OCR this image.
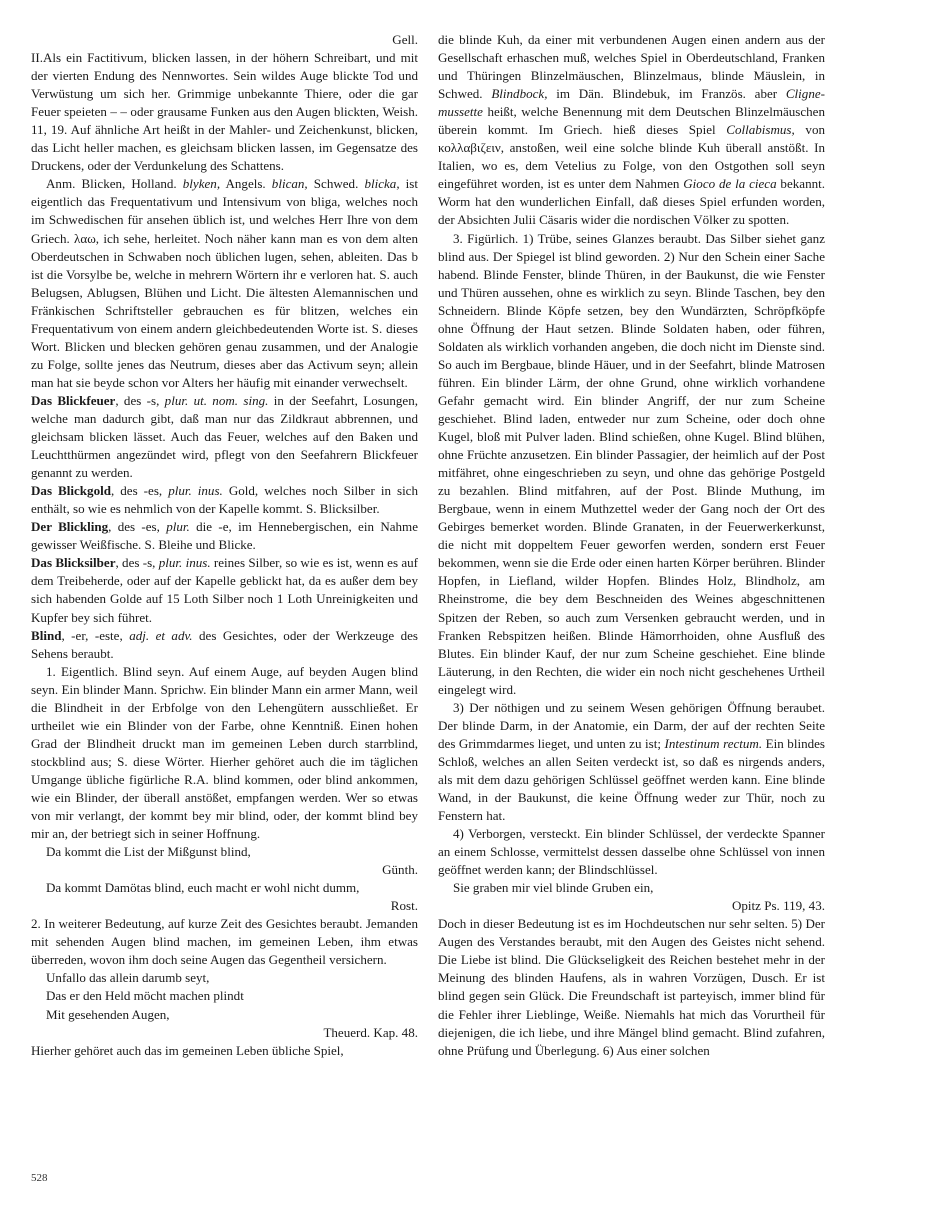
Gell.

II.Als ein Factitivum, blicken lassen, in der höhern Schreibart, und mit der vierten Endung des Nennwortes. Sein wildes Auge blickte Tod und Verwüstung um sich her. Grimmige unbekannte Thiere, oder die gar Feuer speieten – – oder grausame Funken aus den Augen blickten, Weish. 11, 19. Auf ähnliche Art heißt in der Mahler- und Zeichenkunst, blicken, das Licht heller machen, es gleichsam blicken lassen, im Gegensatze des Druckens, oder der Verdunkelung des Schattens.

Anm. Blicken, Holland. blyken, Angels. blican, Schwed. blicka, ist eigentlich das Frequentativum und Intensivum von bliga, welches noch im Schwedischen für ansehen üblich ist, und welches Herr Ihre von dem Griech. λαω, ich sehe, herleitet. Noch näher kann man es von dem alten Oberdeutschen in Schwaben noch üblichen lugen, sehen, ableiten. Das b ist die Vorsylbe be, welche in mehrern Wörtern ihr e verloren hat. S. auch Belugsen, Ablugsen, Blühen und Licht. Die ältesten Alemannischen und Fränkischen Schriftsteller gebrauchen es für blitzen, welches ein Frequentativum von einem andern gleichbedeutenden Worte ist. S. dieses Wort. Blicken und blecken gehören genau zusammen, und der Analogie zu Folge, sollte jenes das Neutrum, dieses aber das Activum seyn; allein man hat sie beyde schon vor Alters her häufig mit einander verwechselt.

Das Blickfeuer, des -s, plur. ut. nom. sing. in der Seefahrt, Losungen, welche man dadurch gibt, daß man nur das Zildkraut abbrennen, und gleichsam blicken lässet. Auch das Feuer, welches auf den Baken und Leuchtthürmen angezündet wird, pflegt von den Seefahrern Blickfeuer genannt zu werden.

Das Blickgold, des -es, plur. inus. Gold, welches noch Silber in sich enthält, so wie es nehmlich von der Kapelle kommt. S. Blicksilber.

Der Blickling, des -es, plur. die -e, im Hennebergischen, ein Nahme gewisser Weißfische. S. Bleihe und Blicke.

Das Blicksilber, des -s, plur. inus. reines Silber, so wie es ist, wenn es auf dem Treibeherde, oder auf der Kapelle geblickt hat, da es außer dem bey sich habenden Golde auf 15 Loth Silber noch 1 Loth Unreinigkeiten und Kupfer bey sich führet.

Blind, -er, -este, adj. et adv. des Gesichtes, oder der Werkzeuge des Sehens beraubt.

1. Eigentlich. Blind seyn. Auf einem Auge, auf beyden Augen blind seyn. Ein blinder Mann. Sprichw. Ein blinder Mann ein armer Mann, weil die Blindheit in der Erbfolge von den Lehengütern ausschließet. Er urtheilet wie ein Blinder von der Farbe, ohne Kenntniß. Einen hohen Grad der Blindheit druckt man im gemeinen Leben durch starrblind, stockblind aus; S. diese Wörter. Hierher gehöret auch die im täglichen Umgange übliche figürliche R.A. blind kommen, oder blind ankommen, wie ein Blinder, der überall anstößet, empfangen werden. Wer so etwas von mir verlangt, der kommt bey mir blind, oder, der kommt blind bey mir an, der betriegt sich in seiner Hoffnung.

Da kommt die List der Mißgunst blind,

Günth.

Da kommt Damötas blind, euch macht er wohl nicht dumm,

Rost.

2. In weiterer Bedeutung, auf kurze Zeit des Gesichtes beraubt. Jemanden mit sehenden Augen blind machen, im gemeinen Leben, ihm etwas überreden, wovon ihm doch seine Augen das Gegentheil versichern.

Unfallo das allein darumb seyt,

Das er den Held möcht machen plindt

Mit gesehenden Augen,

Theuerd. Kap. 48.

Hierher gehöret auch das im gemeinen Leben übliche Spiel,

die blinde Kuh, da einer mit verbundenen Augen einen andern aus der Gesellschaft erhaschen muß, welches Spiel in Oberdeutschland, Franken und Thüringen Blinzelmäuschen, Blinzelmaus, blinde Mäuslein, in Schwed. Blindbock, im Dän. Blindebuk, im Französ. aber Cligne-mussette heißt, welche Benennung mit dem Deutschen Blinzelmäuschen überein kommt. Im Griech. hieß dieses Spiel Collabismus, von κολλαβιζειν, anstoßen, weil eine solche blinde Kuh überall anstößt. In Italien, wo es, dem Vetelius zu Folge, von den Ostgothen soll seyn eingeführet worden, ist es unter dem Nahmen Gioco de la cieca bekannt. Worm hat den wunderlichen Einfall, daß dieses Spiel erfunden worden, der Absichten Julii Cäsaris wider die nordischen Völker zu spotten.

3. Figürlich. 1) Trübe, seines Glanzes beraubt. Das Silber siehet ganz blind aus. Der Spiegel ist blind geworden. 2) Nur den Schein einer Sache habend. Blinde Fenster, blinde Thüren, in der Baukunst, die wie Fenster und Thüren aussehen, ohne es wirklich zu seyn. Blinde Taschen, bey den Schneidern. Blinde Köpfe setzen, bey den Wundärzten, Schröpfköpfe ohne Öffnung der Haut setzen. Blinde Soldaten haben, oder führen, Soldaten als wirklich vorhanden angeben, die doch nicht im Dienste sind. So auch im Bergbaue, blinde Häuer, und in der Seefahrt, blinde Matrosen führen. Ein blinder Lärm, der ohne Grund, ohne wirklich vorhandene Gefahr gemacht wird. Ein blinder Angriff, der nur zum Scheine geschiehet. Blind laden, entweder nur zum Scheine, oder doch ohne Kugel, bloß mit Pulver laden. Blind schießen, ohne Kugel. Blind blühen, ohne Früchte anzusetzen. Ein blinder Passagier, der heimlich auf der Post mitfähret, ohne eingeschrieben zu seyn, und ohne das gehörige Postgeld zu bezahlen. Blind mitfahren, auf der Post. Blinde Muthung, im Bergbaue, wenn in einem Muthzettel weder der Gang noch der Ort des Gebirges bemerket worden. Blinde Granaten, in der Feuerwerkerkunst, die nicht mit doppeltem Feuer geworfen werden, sondern erst Feuer bekommen, wenn sie die Erde oder einen harten Körper berühren. Blinder Hopfen, in Liefland, wilder Hopfen. Blindes Holz, Blindholz, am Rheinstrome, die bey dem Beschneiden des Weines abgeschnittenen Spitzen der Reben, so auch zum Versenken gebraucht werden, und in Franken Rebspitzen heißen. Blinde Hämorrhoiden, ohne Ausfluß des Blutes. Ein blinder Kauf, der nur zum Scheine geschiehet. Eine blinde Läuterung, in den Rechten, die wider ein noch nicht geschehenes Urtheil eingelegt wird.

3) Der nöthigen und zu seinem Wesen gehörigen Öffnung beraubet. Der blinde Darm, in der Anatomie, ein Darm, der auf der rechten Seite des Grimmdarmes lieget, und unten zu ist; Intestinum rectum. Ein blindes Schloß, welches an allen Seiten verdeckt ist, so daß es nirgends anders, als mit dem dazu gehörigen Schlüssel geöffnet werden kann. Eine blinde Wand, in der Baukunst, die keine Öffnung weder zur Thür, noch zu Fenstern hat.

4) Verborgen, versteckt. Ein blinder Schlüssel, der verdeckte Spanner an einem Schlosse, vermittelst dessen dasselbe ohne Schlüssel von innen geöffnet werden kann; der Blindschlüssel.

Sie graben mir viel blinde Gruben ein,

Opitz Ps. 119, 43.

Doch in dieser Bedeutung ist es im Hochdeutschen nur sehr selten. 5) Der Augen des Verstandes beraubt, mit den Augen des Geistes nicht sehend. Die Liebe ist blind. Die Glückseligkeit des Reichen bestehet mehr in der Meinung des blinden Haufens, als in wahren Vorzügen, Dusch. Er ist blind gegen sein Glück. Die Freundschaft ist parteyisch, immer blind für die Fehler ihrer Lieblinge, Weiße. Niemahls hat mich das Vorurtheil für diejenigen, die ich liebe, und ihre Mängel blind gemacht. Blind zufahren, ohne Prüfung und Überlegung. 6) Aus einer solchen

528
